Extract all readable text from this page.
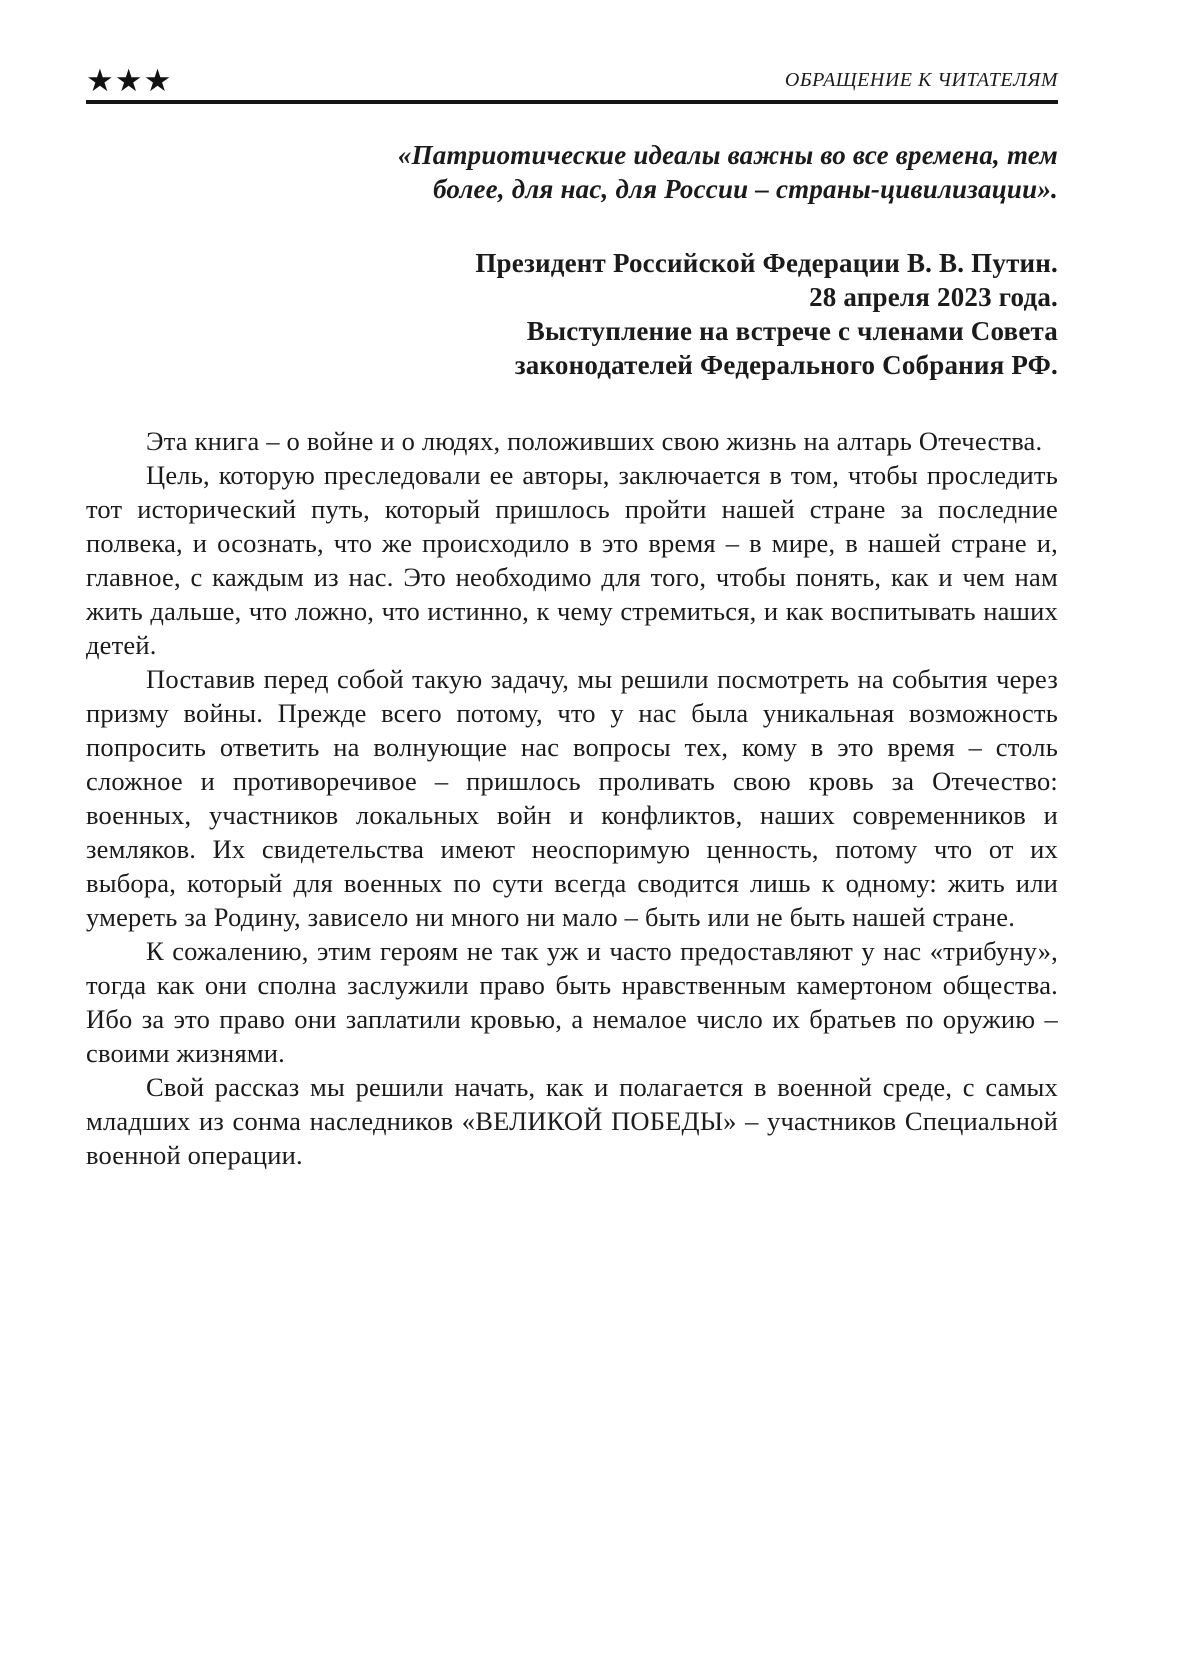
★★★	ОБРАЩЕНИЕ К ЧИТАТЕЛЯМ
«Патриотические идеалы важны во все времена, тем
более, для нас, для России – страны-цивилизации».
Президент Российской Федерации В. В. Путин.
28 апреля 2023 года.
Выступление на встрече с членами Совета
законодателей Федерального Собрания РФ.

Эта книга – о войне и о людях, положивших свою жизнь на алтарь Отечества.

Цель, которую преследовали ее авторы, заключается в том, чтобы проследить тот исторический путь, который пришлось пройти нашей стране за последние полвека, и осознать, что же происходило в это время – в мире, в нашей стране и, главное, с каждым из нас. Это необходимо для того, чтобы понять, как и чем нам жить дальше, что ложно, что истинно, к чему стремиться, и как воспитывать наших детей.

Поставив перед собой такую задачу, мы решили посмотреть на события через призму войны. Прежде всего потому, что у нас была уникальная возможность попросить ответить на волнующие нас вопросы тех, кому в это время – столь сложное и противоречивое – пришлось проливать свою кровь за Отечество: военных, участников локальных войн и конфликтов, наших современников и земляков. Их свидетельства имеют неоспоримую ценность, потому что от их выбора, который для военных по сути всегда сводится лишь к одному: жить или умереть за Родину, зависело ни много ни мало – быть или не быть нашей стране.

К сожалению, этим героям не так уж и часто предоставляют у нас «трибуну», тогда как они сполна заслужили право быть нравственным камертоном общества. Ибо за это право они заплатили кровью, а немалое число их братьев по оружию – своими жизнями.

Свой рассказ мы решили начать, как и полагается в военной среде, с самых младших из сонма наследников «ВЕЛИКОЙ ПОБЕДЫ» – участников Специальной военной операции.
